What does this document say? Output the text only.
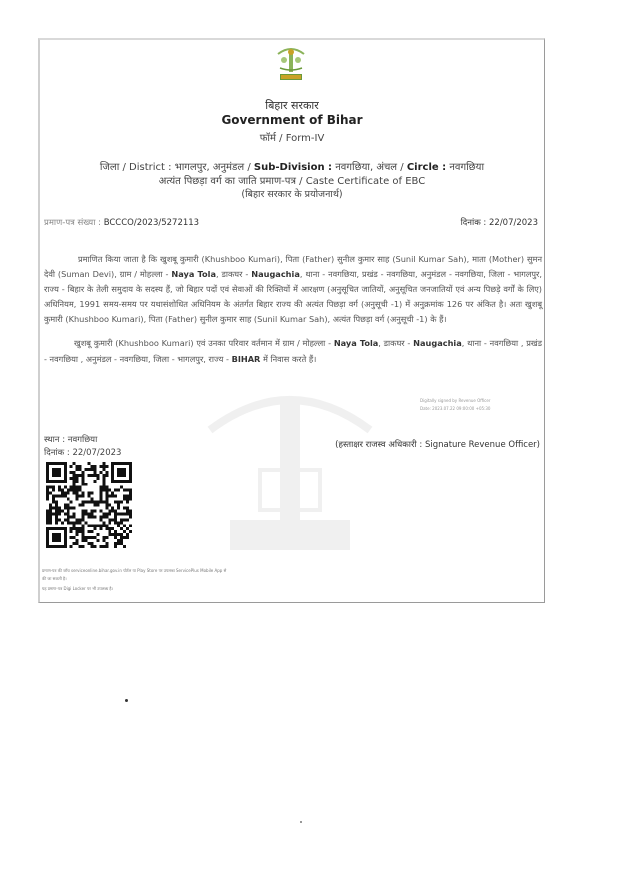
बिहार सरकार
Government of Bihar
फॉर्म / Form-IV
जिला / District : भागलपुर, अनुमंडल / Sub-Division : नवगछिया, अंचल / Circle : नवगछिया
अत्यंत पिछड़ा वर्ग का जाति प्रमाण-पत्र / Caste Certificate of EBC
(बिहार सरकार के प्रयोजनार्थ)
प्रमाण-पत्र संख्या : BCCCO/2023/5272113	दिनांक : 22/07/2023
प्रमाणित किया जाता है कि खुशबू कुमारी (Khushboo Kumari), पिता (Father) सुनील कुमार साह (Sunil Kumar Sah), माता (Mother) सुमन देवी (Suman Devi), ग्राम / मोहल्ला - Naya Tola, डाकघर - Naugachia, थाना - नवगछिया, प्रखंड - नवगछिया, अनुमंडल - नवगछिया, जिला - भागलपुर, राज्य - बिहार के तेली समुदाय के सदस्य हैं, जो बिहार पदों एवं सेवाओं की रिक्तियों में आरक्षण (अनुसूचित जातियों, अनुसूचित जनजातियों एवं अन्य पिछड़े वर्गों के लिए) अधिनियम, 1991 समय-समय पर यथासंशोधित अधिनियम के अंतर्गत बिहार राज्य की अत्यंत पिछड़ा वर्ग (अनुसूची -1) में अनुक्रमांक 126 पर अंकित है। अतः खुशबू कुमारी (Khushboo Kumari), पिता (Father) सुनील कुमार साह (Sunil Kumar Sah), अत्यंत पिछड़ा वर्ग (अनुसूची -1) के हैं।
खुशबू कुमारी (Khushboo Kumari) एवं उनका परिवार वर्तमान में ग्राम / मोहल्ला - Naya Tola, डाकघर - Naugachia, थाना - नवगछिया , प्रखंड - नवगछिया , अनुमंडल - नवगछिया, जिला - भागलपुर, राज्य - BIHAR में निवास करते हैं।
Digitally signed by Revenue Officer
Date: 2023.07.22 09:00:00 +05:30
स्थान : नवगछिया
दिनांक : 22/07/2023
(हस्ताक्षर राजस्व अधिकारी : Signature Revenue Officer)
प्रमाण-पत्र की जाँच serviceonline.bihar.gov.in पोर्टल या Play Store पर उपलब्ध ServicePlus Mobile App से
की जा सकती है।
यह प्रमाण-पत्र Digi Locker पर भी उपलब्ध है।
